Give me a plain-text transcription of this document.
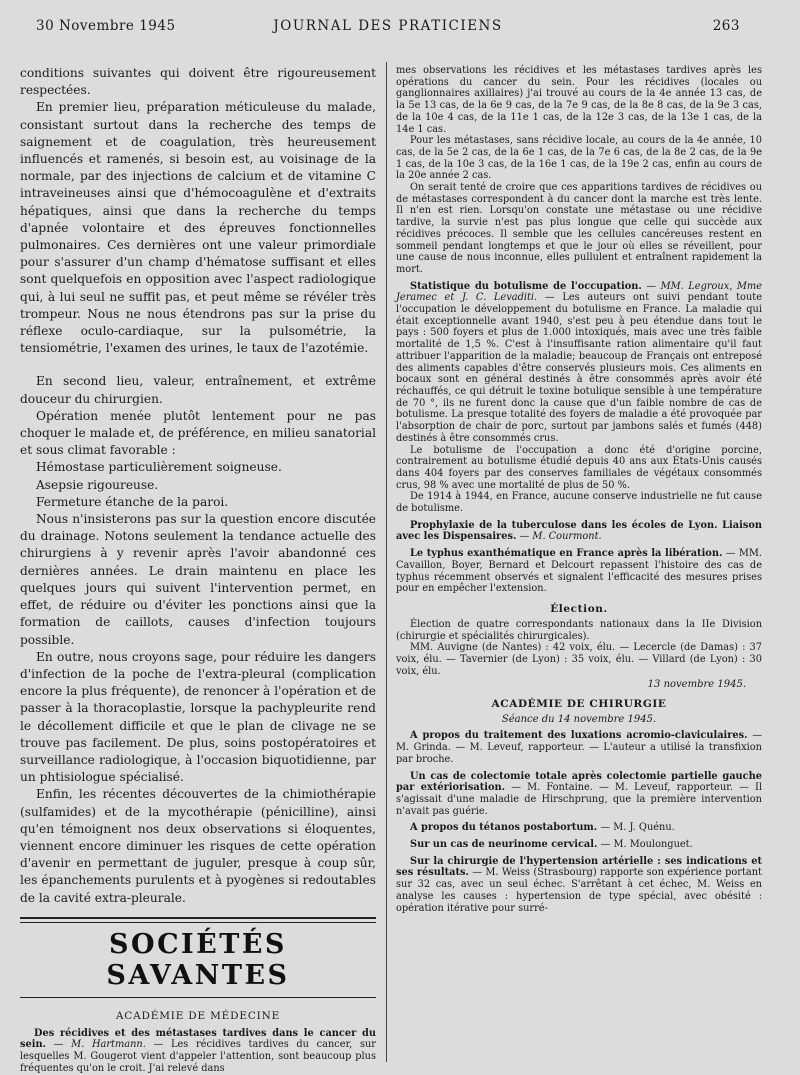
30 Novembre 1945	JOURNAL DES PRATICIENS	263

conditions suivantes qui doivent être rigoureusement respectées.

En premier lieu, préparation méticuleuse du malade, consistant surtout dans la recherche des temps de saignement et de coagulation, très heureusement influencés et ramenés, si besoin est, au voisinage de la normale, par des injections de calcium et de vitamine C intraveineuses ainsi que d'hémocoagulène et d'extraits hépatiques, ainsi que dans la recherche du temps d'apnée volontaire et des épreuves fonctionnelles pulmonaires. Ces dernières ont une valeur primordiale pour s'assurer d'un champ d'hématose suffisant et elles sont quelquefois en opposition avec l'aspect radiologique qui, à lui seul ne suffit pas, et peut même se révéler très trompeur. Nous ne nous étendrons pas sur la prise du réflexe oculo-cardiaque, sur la pulsométrie, la tensiométrie, l'examen des urines, le taux de l'azotémie.

En second lieu, valeur, entraînement, et extrême douceur du chirurgien.

Opération menée plutôt lentement pour ne pas choquer le malade et, de préférence, en milieu sanatorial et sous climat favorable :

Hémostase particulièrement soigneuse.

Asepsie rigoureuse.

Fermeture étanche de la paroi.

Nous n'insisterons pas sur la question encore discutée du drainage. Notons seulement la tendance actuelle des chirurgiens à y revenir après l'avoir abandonné ces dernières années. Le drain maintenu en place les quelques jours qui suivent l'intervention permet, en effet, de réduire ou d'éviter les ponctions ainsi que la formation de caillots, causes d'infection toujours possible.

En outre, nous croyons sage, pour réduire les dangers d'infection de la poche de l'extra-pleural (complication encore la plus fréquente), de renoncer à l'opération et de passer à la thoracoplastie, lorsque la pachypleurite rend le décollement difficile et que le plan de clivage ne se trouve pas facilement. De plus, soins postopératoires et surveillance radiologique, à l'occasion biquotidienne, par un phtisiologue spécialisé.

Enfin, les récentes découvertes de la chimiothérapie (sulfamides) et de la mycothérapie (pénicilline), ainsi qu'en témoignent nos deux observations si éloquentes, viennent encore diminuer les risques de cette opération d'avenir en permettant de juguler, presque à coup sûr, les épanchements purulents et à pyogènes si redoutables de la cavité extra-pleurale.

SOCIÉTÉS SAVANTES
ACADÉMIE DE MÉDECINE

Des récidives et des métastases tardives dans le cancer du sein. — M. Hartmann. — Les récidives tardives du cancer, sur lesquelles M. Gougerot vient d'appeler l'attention, sont beaucoup plus fréquentes qu'on le croit. J'ai relevé dans

mes observations les récidives et les métastases tardives après les opérations du cancer du sein. Pour les récidives (locales ou ganglionnaires axillaires) j'ai trouvé au cours de la 4e année 13 cas, de la 5e 13 cas, de la 6e 9 cas, de la 7e 9 cas, de la 8e 8 cas, de la 9e 3 cas, de la 10e 4 cas, de la 11e 1 cas, de la 12e 3 cas, de la 13e 1 cas, de la 14e 1 cas.

Pour les métastases, sans récidive locale, au cours de la 4e année, 10 cas, de la 5e 2 cas, de la 6e 1 cas, de la 7e 6 cas, de la 8e 2 cas, de la 9e 1 cas, de la 10e 3 cas, de la 16e 1 cas, de la 19e 2 cas, enfin au cours de la 20e année 2 cas.

On serait tenté de croire que ces apparitions tardives de récidives ou de métastases correspondent à du cancer dont la marche est très lente. Il n'en est rien. Lorsqu'on constate une métastase ou une récidive tardive, la survie n'est pas plus longue que celle qui succède aux récidives précoces. Il semble que les cellules cancéreuses restent en sommeil pendant longtemps et que le jour où elles se réveillent, pour une cause de nous inconnue, elles pullulent et entraînent rapidement la mort.

Statistique du botulisme de l'occupation. — MM. Legroux, Mme Jeramec et J. C. Levaditi. — Les auteurs ont suivi pendant toute l'occupation le développement du botulisme en France. La maladie qui était exceptionnelle avant 1940, s'est peu à peu étendue dans tout le pays : 500 foyers et plus de 1.000 intoxiqués, mais avec une très faible mortalité de 1,5 %. C'est à l'insuffisante ration alimentaire qu'il faut attribuer l'apparition de la maladie; beaucoup de Français ont entreposé des aliments capables d'être conservés plusieurs mois. Ces aliments en bocaux sont en général destinés à être consommés après avoir été réchauffés, ce qui détruit le toxine botulique sensible à une température de 70 °, ils ne furent donc la cause que d'un faible nombre de cas de botulisme. La presque totalité des foyers de maladie a été provoquée par l'absorption de chair de porc, surtout par jambons salés et fumés (448) destinés à être consommés crus.

Le botulisme de l'occupation a donc été d'origine porcine, contrairement au botulisme étudié depuis 40 ans aux États-Unis causés dans 404 foyers par des conserves familiales de végétaux consommés crus, 98 % avec une mortalité de plus de 50 %.

De 1914 à 1944, en France, aucune conserve industrielle ne fut cause de botulisme.

Prophylaxie de la tuberculose dans les écoles de Lyon. Liaison avec les Dispensaires. — M. Courmont.

Le typhus exanthématique en France après la libération. — MM. Cavaillon, Boyer, Bernard et Delcourt repassent l'histoire des cas de typhus récemment observés et signalent l'efficacité des mesures prises pour en empêcher l'extension.

Élection.

Élection de quatre correspondants nationaux dans la IIe Division (chirurgie et spécialités chirurgicales).

MM. Auvigne (de Nantes) : 42 voix, élu. — Lecercle (de Damas) : 37 voix, élu. — Tavernier (de Lyon) : 35 voix, élu. — Villard (de Lyon) : 30 voix, élu.

13 novembre 1945.
ACADÉMIE DE CHIRURGIE
Séance du 14 novembre 1945.

A propos du traitement des luxations acromio-claviculaires. — M. Grinda. — M. Leveuf, rapporteur. — L'auteur a utilisé la transfixion par broche.

Un cas de colectomie totale après colectomie partielle gauche par extériorisation. — M. Fontaine. — M. Leveuf, rapporteur. — Il s'agissait d'une maladie de Hirschprung, que la première intervention n'avait pas guérie.

A propos du tétanos postabortum. — M. J. Quénu.

Sur un cas de neurinome cervical. — M. Moulonguet.

Sur la chirurgie de l'hypertension artérielle : ses indications et ses résultats. — M. Weiss (Strasbourg) rapporte son expérience portant sur 32 cas, avec un seul échec. S'arrêtant à cet échec, M. Weiss en analyse les causes : hypertension de type spécial, avec obésité : opération itérative pour surré-
